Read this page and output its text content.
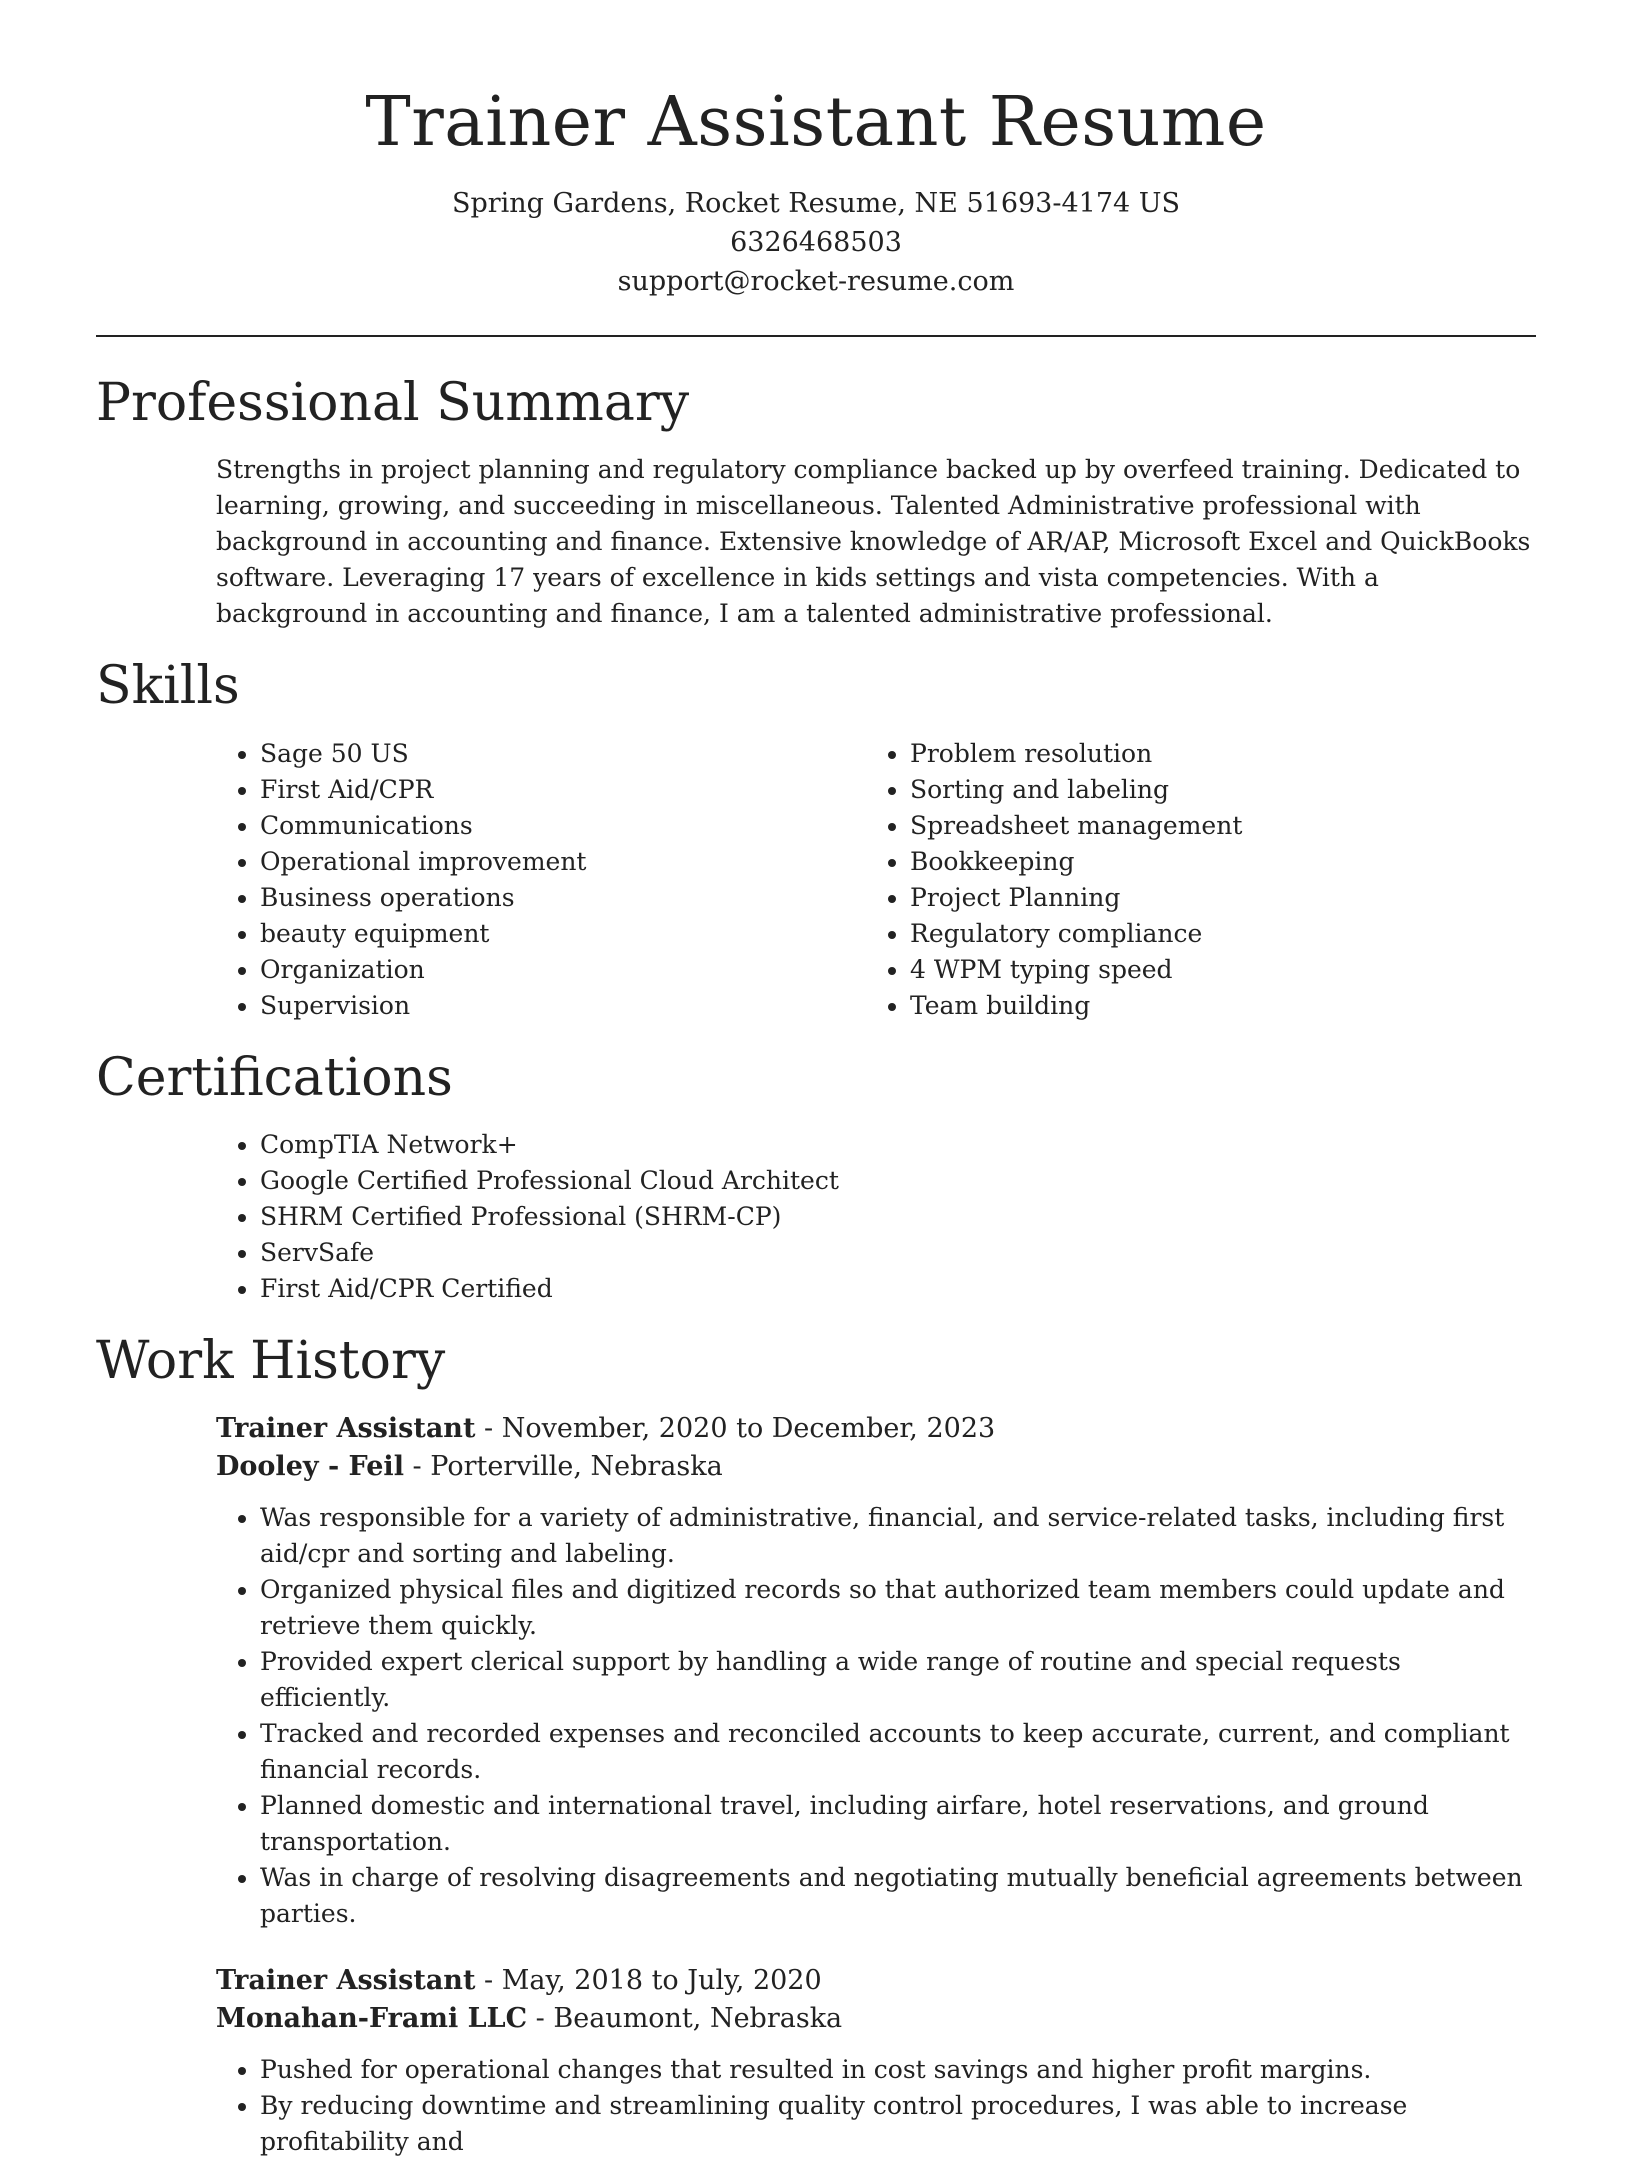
Trainer Assistant Resume
Spring Gardens, Rocket Resume, NE 51693-4174 US
6326468503
support@rocket-resume.com
Professional Summary
Strengths in project planning and regulatory compliance backed up by overfeed training. Dedicated to learning, growing, and succeeding in miscellaneous. Talented Administrative professional with background in accounting and finance. Extensive knowledge of AR/AP, Microsoft Excel and QuickBooks software. Leveraging 17 years of excellence in kids settings and vista competencies. With a background in accounting and finance, I am a talented administrative professional.
Skills
• Sage 50 US
• First Aid/CPR
• Communications
• Operational improvement
• Business operations
• beauty equipment
• Organization
• Supervision
• Problem resolution
• Sorting and labeling
• Spreadsheet management
• Bookkeeping
• Project Planning
• Regulatory compliance
• 4 WPM typing speed
• Team building
Certifications
• CompTIA Network+
• Google Certified Professional Cloud Architect
• SHRM Certified Professional (SHRM-CP)
• ServSafe
• First Aid/CPR Certified
Work History
Trainer Assistant - November, 2020 to December, 2023
Dooley - Feil - Porterville, Nebraska
• Was responsible for a variety of administrative, financial, and service-related tasks, including first aid/cpr and sorting and labeling.
• Organized physical files and digitized records so that authorized team members could update and retrieve them quickly.
• Provided expert clerical support by handling a wide range of routine and special requests efficiently.
• Tracked and recorded expenses and reconciled accounts to keep accurate, current, and compliant financial records.
• Planned domestic and international travel, including airfare, hotel reservations, and ground transportation.
• Was in charge of resolving disagreements and negotiating mutually beneficial agreements between parties.
Trainer Assistant - May, 2018 to July, 2020
Monahan-Frami LLC - Beaumont, Nebraska
• Pushed for operational changes that resulted in cost savings and higher profit margins.
• By reducing downtime and streamlining quality control procedures, I was able to increase profitability and
